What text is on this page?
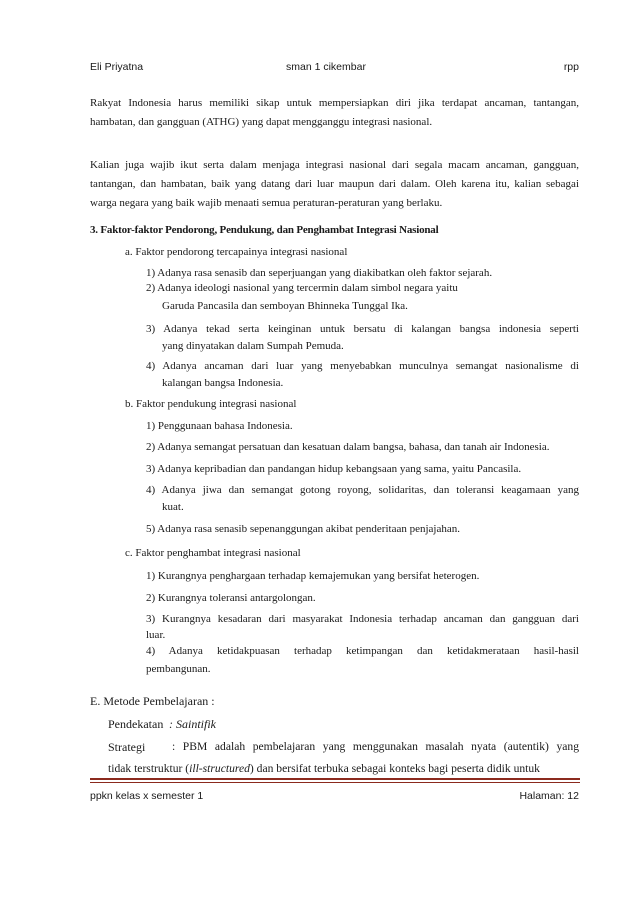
Eli Priyatna	sman 1 cikembar	rpp
Rakyat Indonesia harus memiliki sikap untuk mempersiapkan diri jika terdapat ancaman, tantangan,
hambatan, dan gangguan (ATHG) yang dapat mengganggu integrasi nasional.
Kalian juga wajib ikut serta dalam menjaga integrasi nasional dari segala macam ancaman, gangguan,
tantangan, dan hambatan, baik yang datang dari luar maupun dari dalam. Oleh karena itu, kalian sebagai
warga negara yang baik wajib menaati semua peraturan-peraturan yang berlaku.
3. Faktor-faktor Pendorong, Pendukung, dan Penghambat Integrasi Nasional
a. Faktor pendorong tercapainya integrasi nasional
1) Adanya rasa senasib dan seperjuangan yang diakibatkan oleh faktor sejarah.
2) Adanya ideologi nasional yang tercermin dalam simbol negara yaitu
Garuda Pancasila dan semboyan Bhinneka Tunggal Ika.
3) Adanya tekad serta keinginan untuk bersatu di kalangan bangsa indonesia seperti
yang dinyatakan dalam Sumpah Pemuda.
4) Adanya ancaman dari luar yang menyebabkan munculnya semangat nasionalisme di
kalangan bangsa Indonesia.
b. Faktor pendukung integrasi nasional
1) Penggunaan bahasa Indonesia.
2) Adanya semangat persatuan dan kesatuan dalam bangsa, bahasa, dan tanah air Indonesia.
3) Adanya kepribadian dan pandangan hidup kebangsaan yang sama, yaitu Pancasila.
4) Adanya jiwa dan semangat gotong royong, solidaritas, dan toleransi keagamaan yang
kuat.
5) Adanya rasa senasib sepenanggungan akibat penderitaan penjajahan.
c. Faktor penghambat integrasi nasional
1) Kurangnya penghargaan terhadap kemajemukan yang bersifat heterogen.
2) Kurangnya toleransi antargolongan.
3) Kurangnya kesadaran dari masyarakat Indonesia terhadap ancaman dan gangguan dari
luar.
4) Adanya ketidakpuasan terhadap ketimpangan dan ketidakmerataan hasil-hasil
pembangunan.
E. Metode Pembelajaran :
Pendekatan : Saintifik
Strategi : PBM adalah pembelajaran yang menggunakan masalah nyata (autentik) yang
tidak terstruktur (ill-structured) dan bersifat terbuka sebagai konteks bagi peserta didik untuk
ppkn kelas x semester 1	Halaman: 12
